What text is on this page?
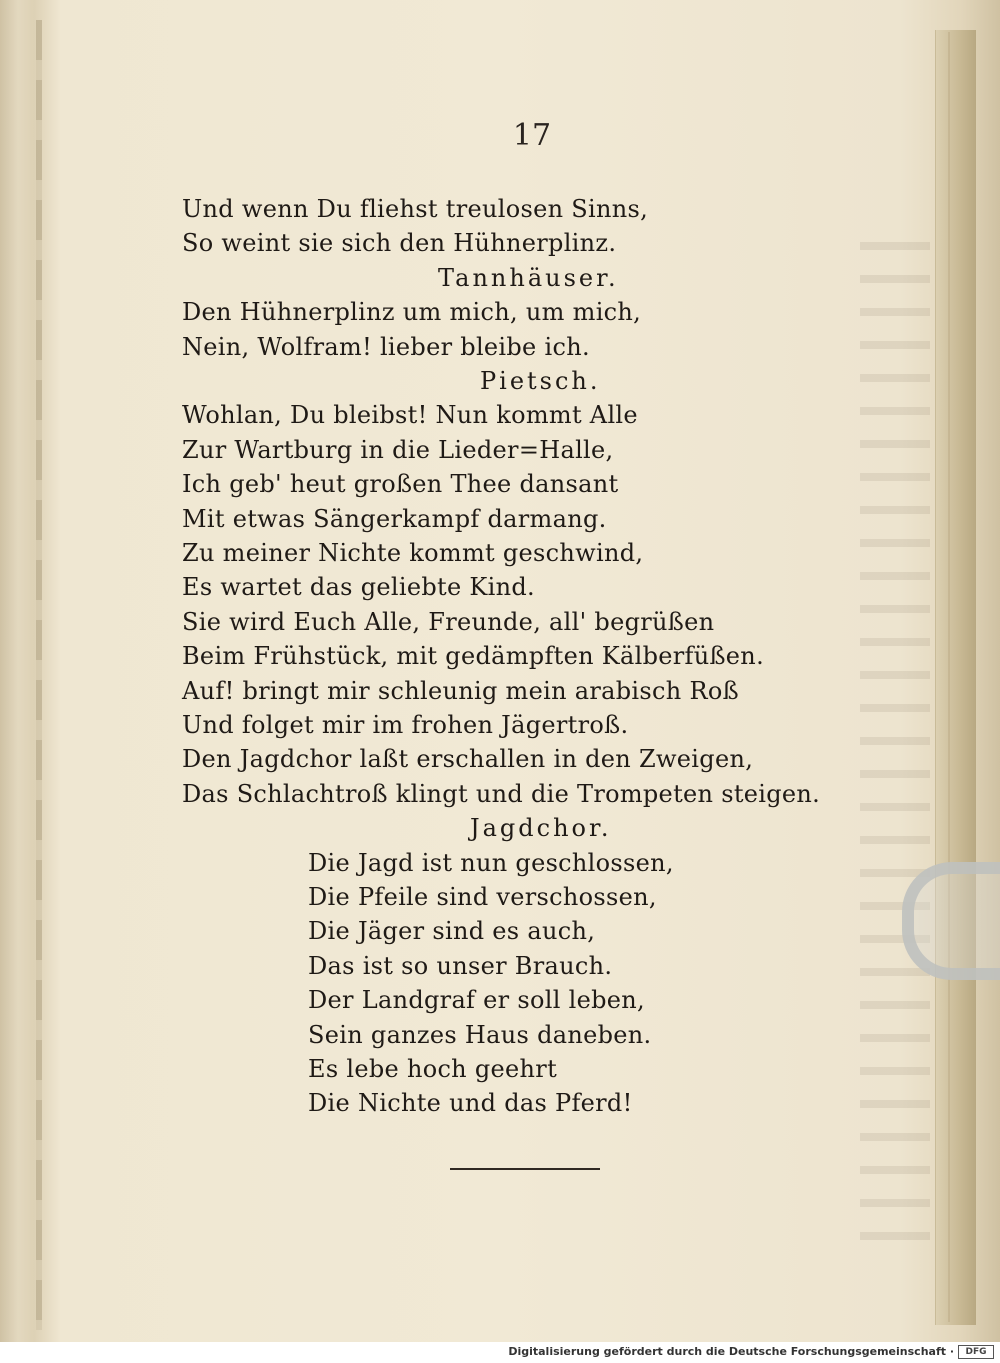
17
Und wenn Du fliehst treulosen Sinns,
So weint sie sich den Hühnerplinz.
Tannhäuser.
Den Hühnerplinz um mich, um mich,
Nein, Wolfram! lieber bleibe ich.
Pietsch.
Wohlan, Du bleibst! Nun kommt Alle
Zur Wartburg in die Lieder=Halle,
Ich geb' heut großen Thee dansant
Mit etwas Sängerkampf darmang.
Zu meiner Nichte kommt geschwind,
Es wartet das geliebte Kind.
Sie wird Euch Alle, Freunde, all' begrüßen
Beim Frühstück, mit gedämpften Kälberfüßen.
Auf! bringt mir schleunig mein arabisch Roß
Und folget mir im frohen Jägertroß.
Den Jagdchor laßt erschallen in den Zweigen,
Das Schlachtroß klingt und die Trompeten steigen.
Jagdchor.
Die Jagd ist nun geschlossen,
Die Pfeile sind verschossen,
Die Jäger sind es auch,
Das ist so unser Brauch.
Der Landgraf er soll leben,
Sein ganzes Haus daneben.
Es lebe hoch geehrt
Die Nichte und das Pferd!
Digitalisierung gefördert durch die Deutsche Forschungsgemeinschaft ·	DFG
